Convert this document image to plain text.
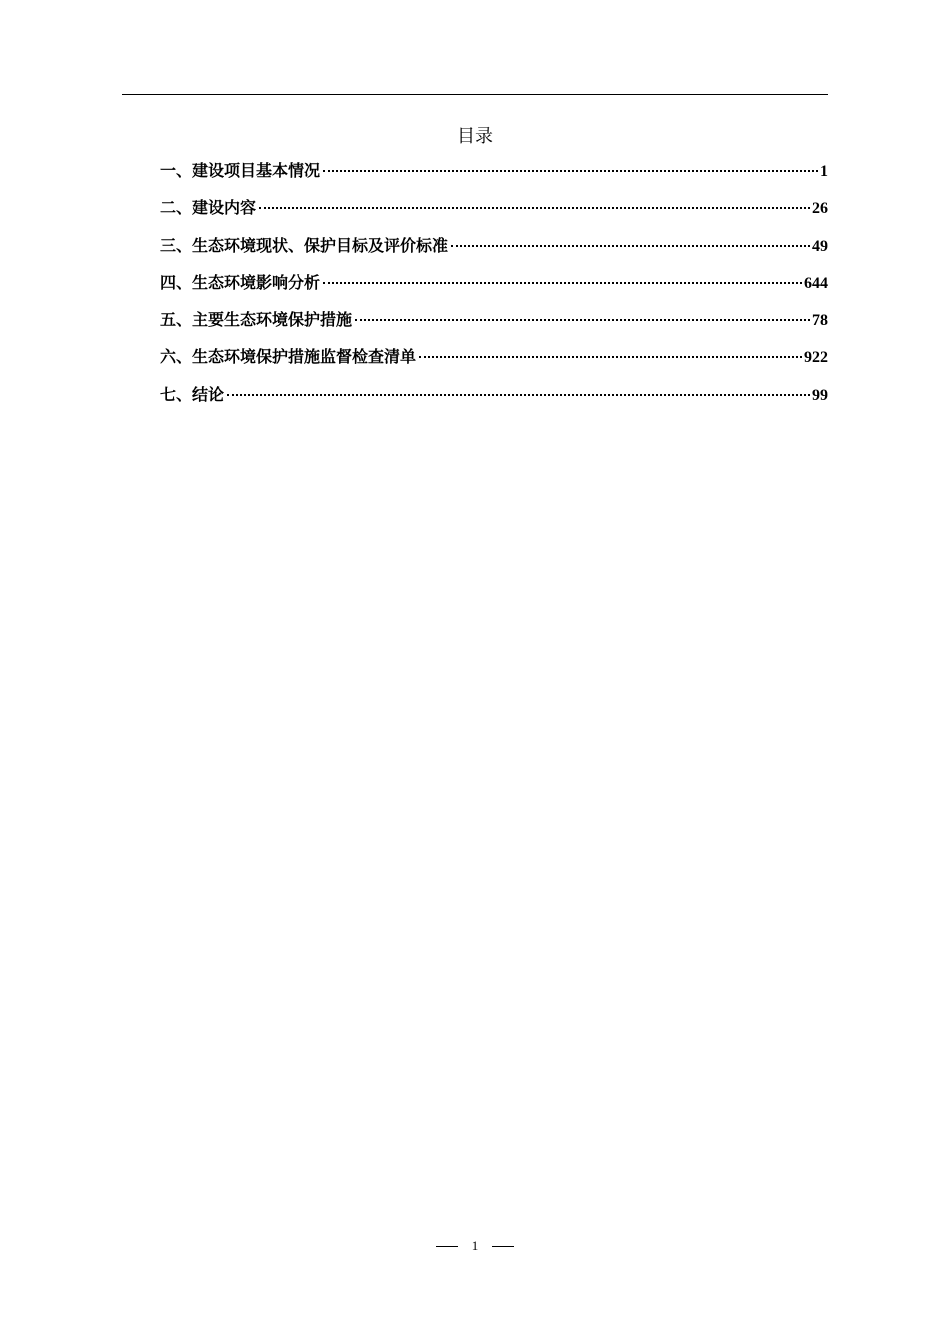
目录
一、建设项目基本情况	1
二、建设内容	26
三、生态环境现状、保护目标及评价标准	49
四、生态环境影响分析	644
五、主要生态环境保护措施	78
六、生态环境保护措施监督检查清单	922
七、结论	99
1
